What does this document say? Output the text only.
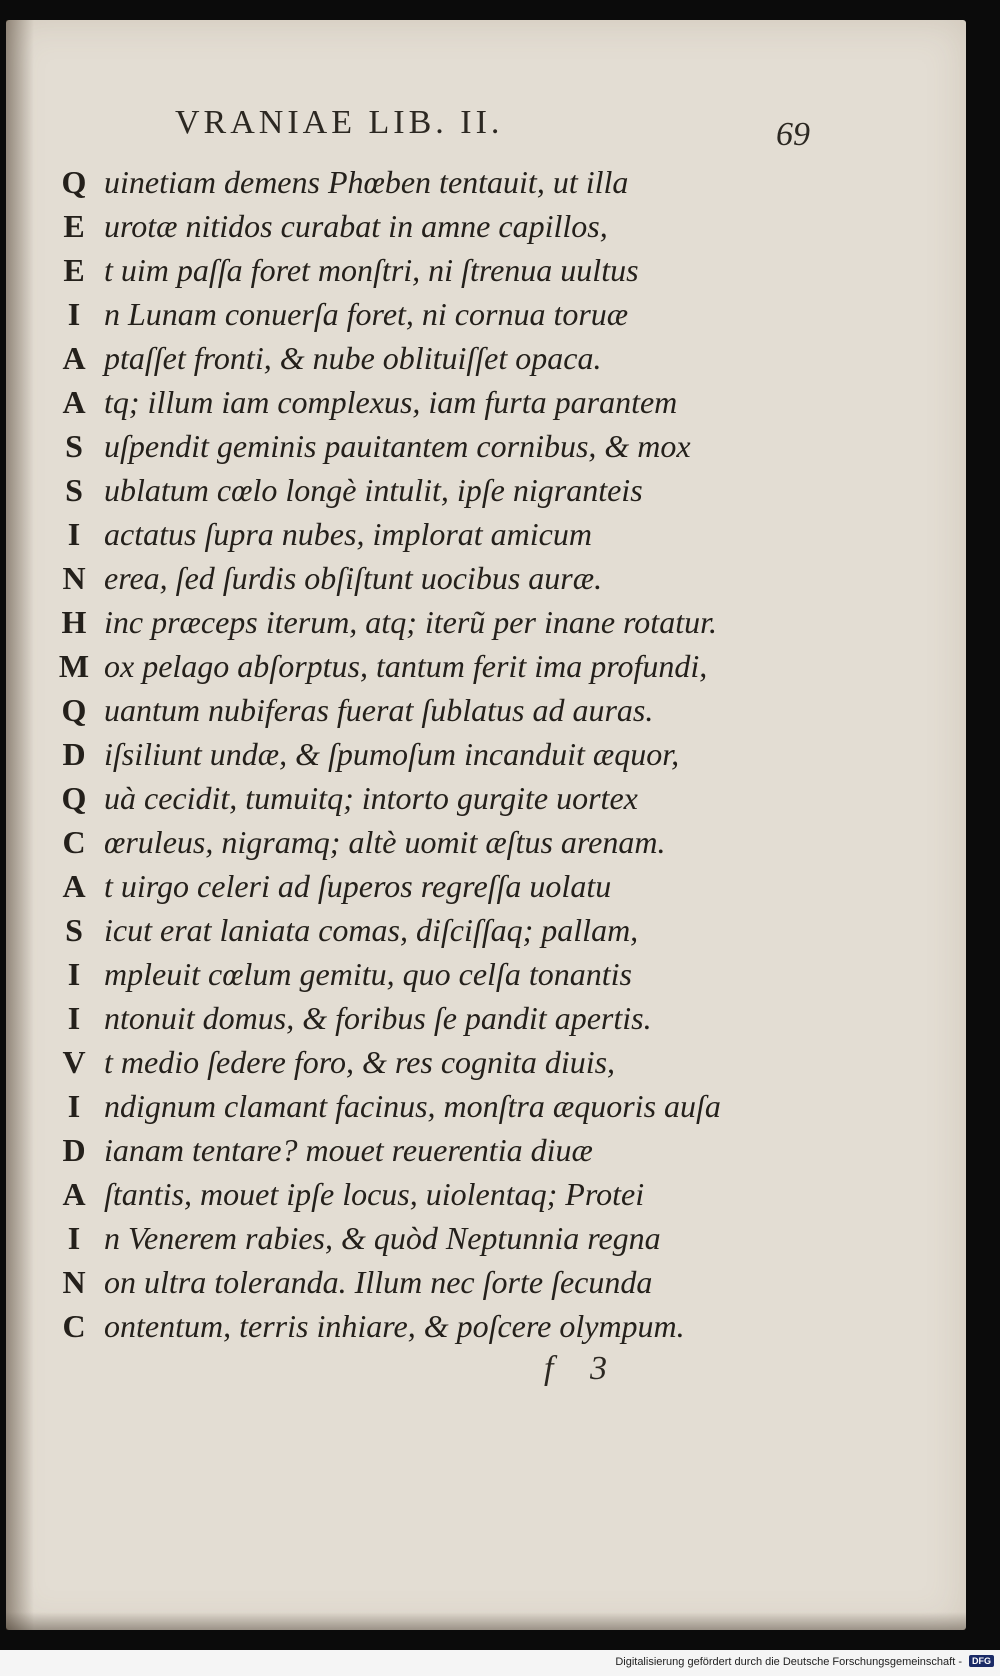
VRANIAE LIB. II.	69
Q uinetiam demens Phœben tentauit, ut illa
E urotæ nitidos curabat in amne capillos,
E t uim paſſa foret monſtri, ni ſtrenua uultus
I n Lunam conuerſa foret, ni cornua toruæ
A ptaſſet fronti, & nube oblituiſſet opaca.
A tq; illum iam complexus, iam furta parantem
S uſpendit geminis pauitantem cornibus, & mox
S ublatum cœlo longè intulit, ipſe nigranteis
I actatus ſupra nubes, implorat amicum
N erea, ſed ſurdis obſiſtunt uocibus auræ.
H inc præceps iterum, atq; iterũ per inane rotatur.
M ox pelago abſorptus, tantum ferit ima profundi,
Q uantum nubiferas fuerat ſublatus ad auras.
D iſsiliunt undæ, & ſpumoſum incanduit æquor,
Q uà cecidit, tumuitq; intorto gurgite uortex
C œruleus, nigramq; altè uomit æſtus arenam.
A t uirgo celeri ad ſuperos regreſſa uolatu
S icut erat laniata comas, diſciſſaq; pallam,
I mpleuit cœlum gemitu, quo celſa tonantis
I ntonuit domus, & foribus ſe pandit apertis.
V t medio ſedere foro, & res cognita diuis,
I ndignum clamant facinus, monſtra æquoris auſa
D ianam tentare? mouet reuerentia diuæ
A ſtantis, mouet ipſe locus, uiolentaq; Protei
I n Venerem rabies, & quòd Neptunnia regna
N on ultra toleranda. Illum nec ſorte ſecunda
C ontentum, terris inhiare, & poſcere olympum.
f 3
Digitalisierung gefördert durch die Deutsche Forschungsgemeinschaft -	DFG
